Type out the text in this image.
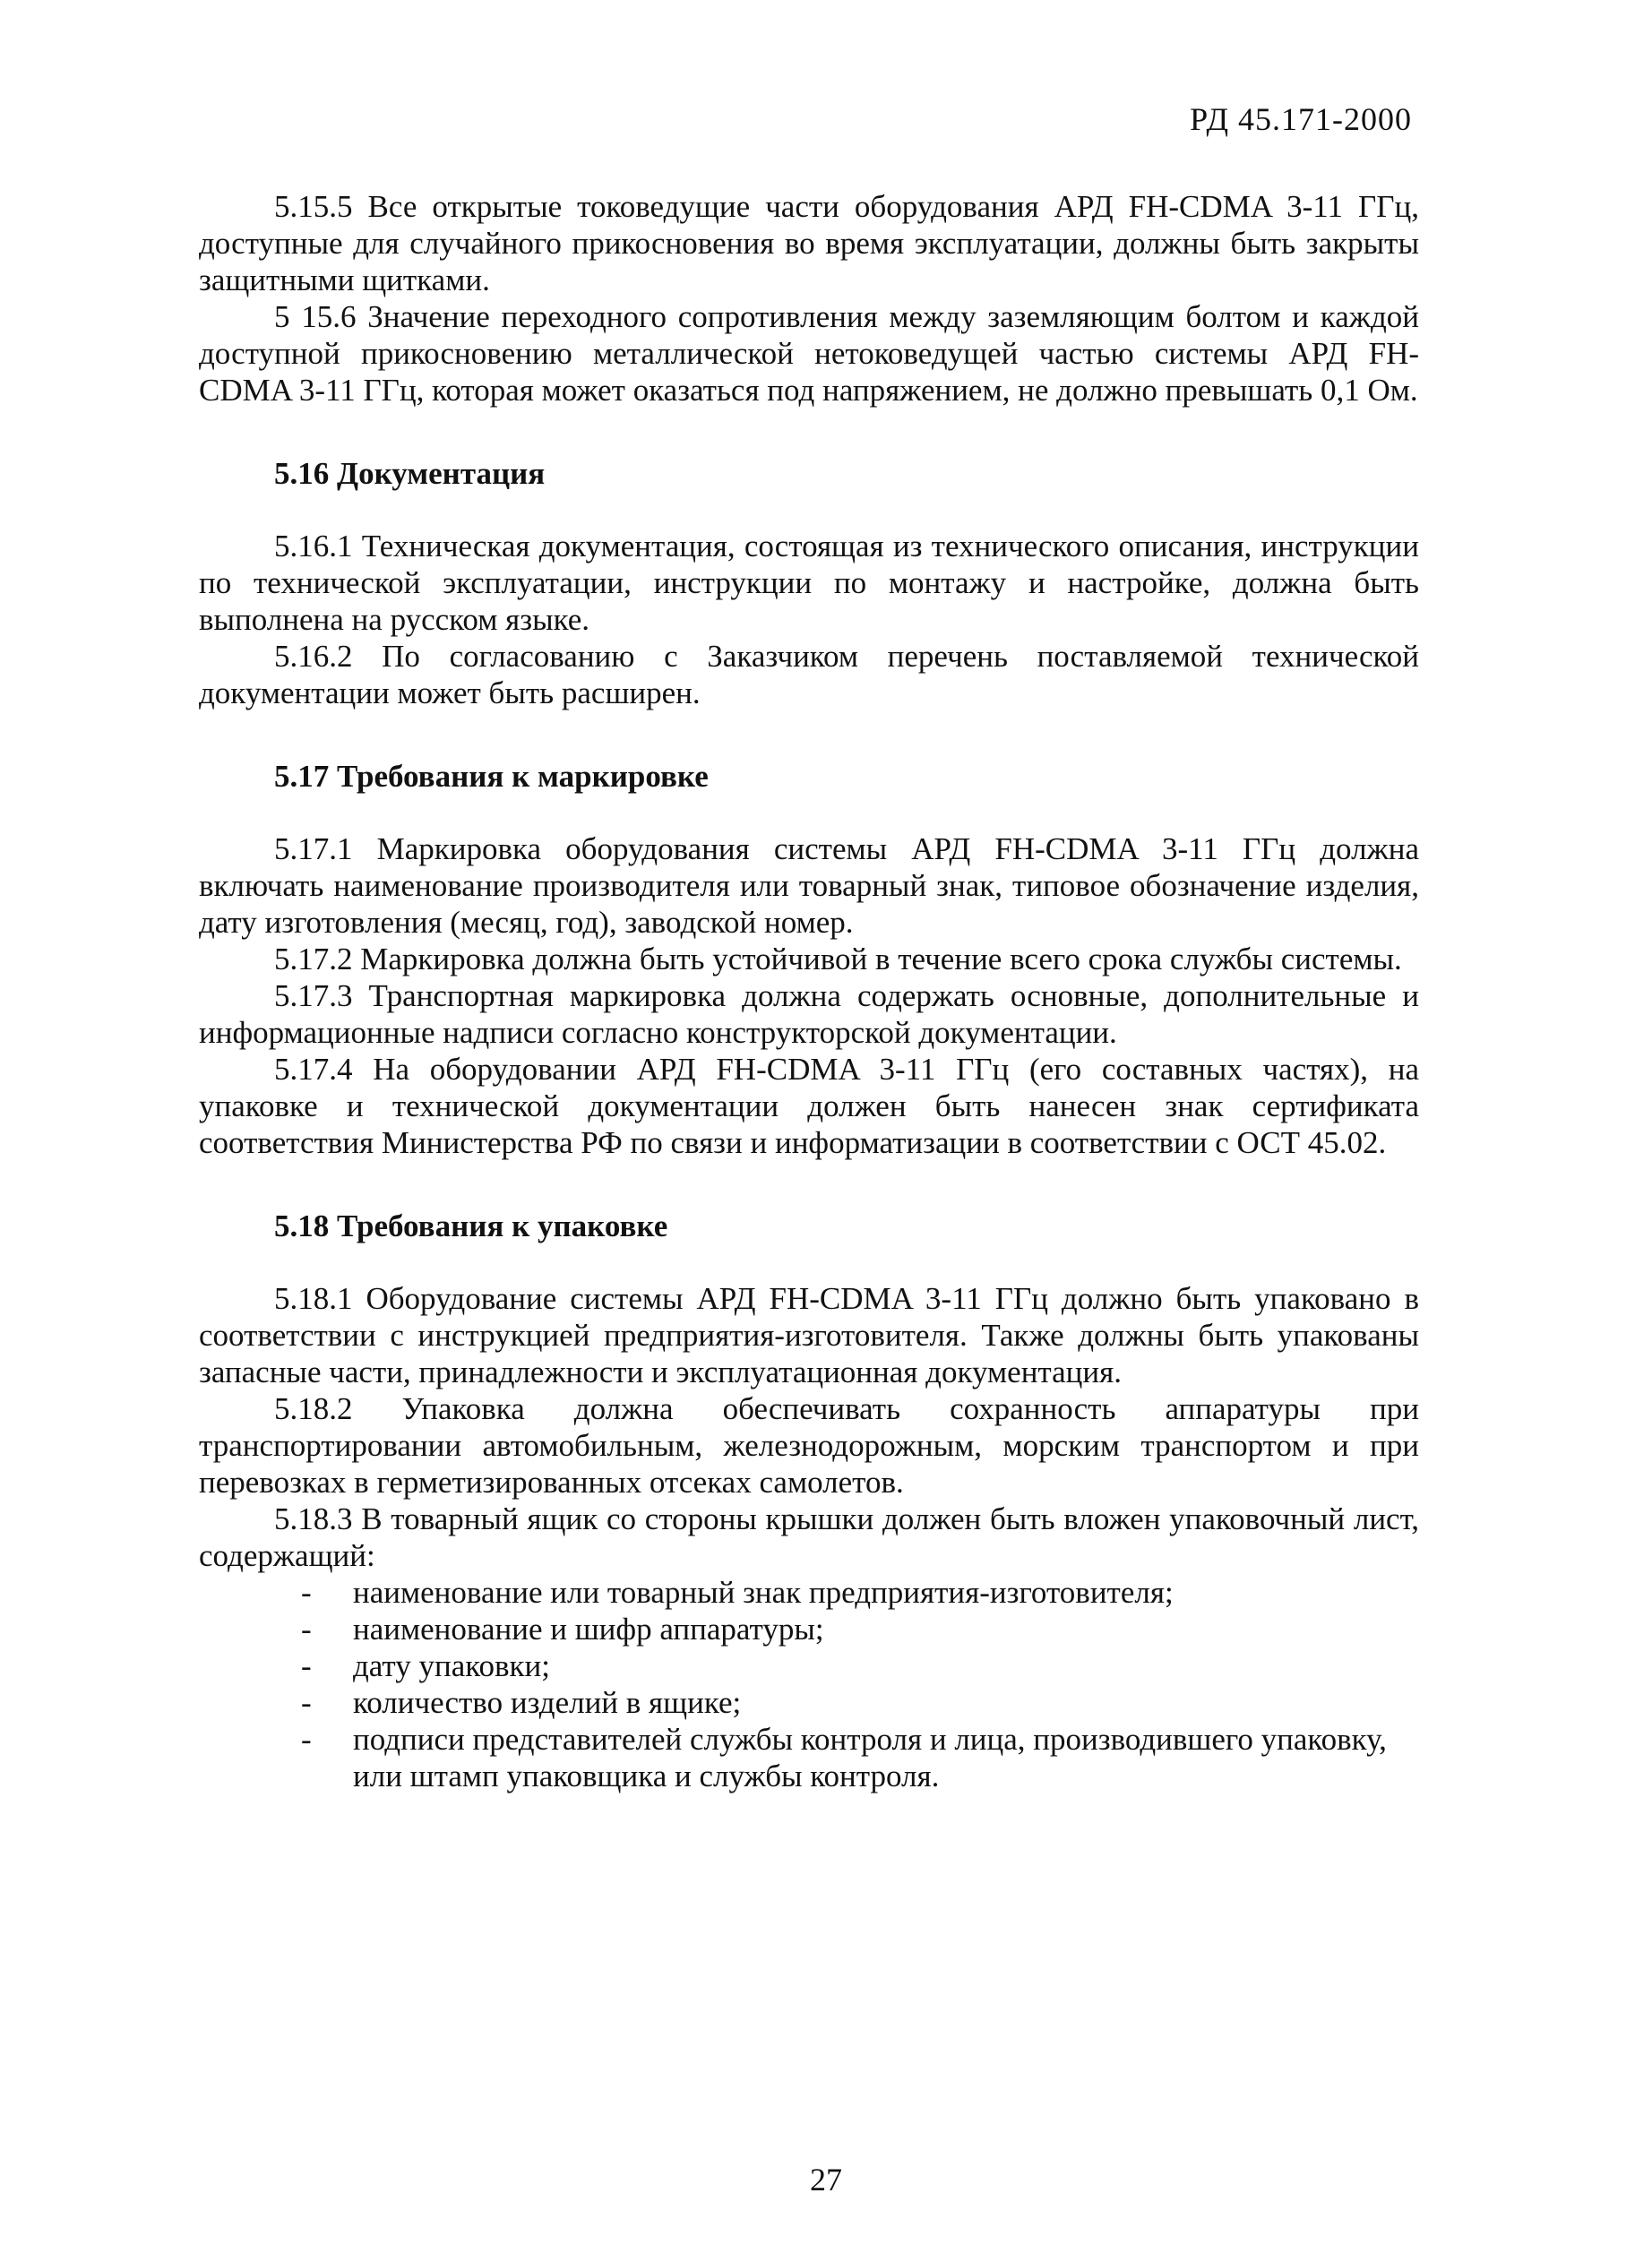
РД 45.171-2000

5.15.5 Все открытые токоведущие части оборудования АРД FH-CDMA 3-11 ГГц, доступные для случайного прикосновения во время эксплуатации, должны быть закрыты защитными щитками.

5 15.6 Значение переходного сопротивления между заземляющим болтом и каждой доступной прикосновению металлической нетоковедущей частью системы АРД FH-CDMA 3-11 ГГц, которая может оказаться под напряжением, не должно превышать 0,1 Ом.

5.16 Документация

5.16.1 Техническая документация, состоящая из технического описания, инструкции по технической эксплуатации, инструкции по монтажу и настройке, должна быть выполнена на русском языке.

5.16.2 По согласованию с Заказчиком перечень поставляемой технической документации может быть расширен.

5.17 Требования к маркировке

5.17.1 Маркировка оборудования системы АРД FH-CDMA 3-11 ГГц должна включать наименование производителя или товарный знак, типовое обозначение изделия, дату изготовления (месяц, год), заводской номер.

5.17.2 Маркировка должна быть устойчивой в течение всего срока службы системы.

5.17.3 Транспортная маркировка должна содержать основные, дополнительные и информационные надписи согласно конструкторской документации.

5.17.4 На оборудовании АРД FH-CDMA 3-11 ГГц (его составных частях), на упаковке и технической документации должен быть нанесен знак сертификата соответствия Министерства РФ по связи и информатизации в соответствии с ОСТ 45.02.

5.18 Требования к упаковке

5.18.1 Оборудование системы АРД FH-CDMA 3-11 ГГц должно быть упаковано в соответствии с инструкцией предприятия-изготовителя. Также должны быть упакованы запасные части, принадлежности и эксплуатационная документация.

5.18.2 Упаковка должна обеспечивать сохранность аппаратуры при транспортировании автомобильным, железнодорожным, морским транспортом и при перевозках в герметизированных отсеках самолетов.

5.18.3 В товарный ящик со стороны крышки должен быть вложен упаковочный лист, содержащий:

- наименование или товарный знак предприятия-изготовителя;
- наименование и шифр аппаратуры;
- дату упаковки;
- количество изделий в ящике;
- подписи представителей службы контроля и лица, производившего упаковку, или штамп упаковщика и службы контроля.
27
